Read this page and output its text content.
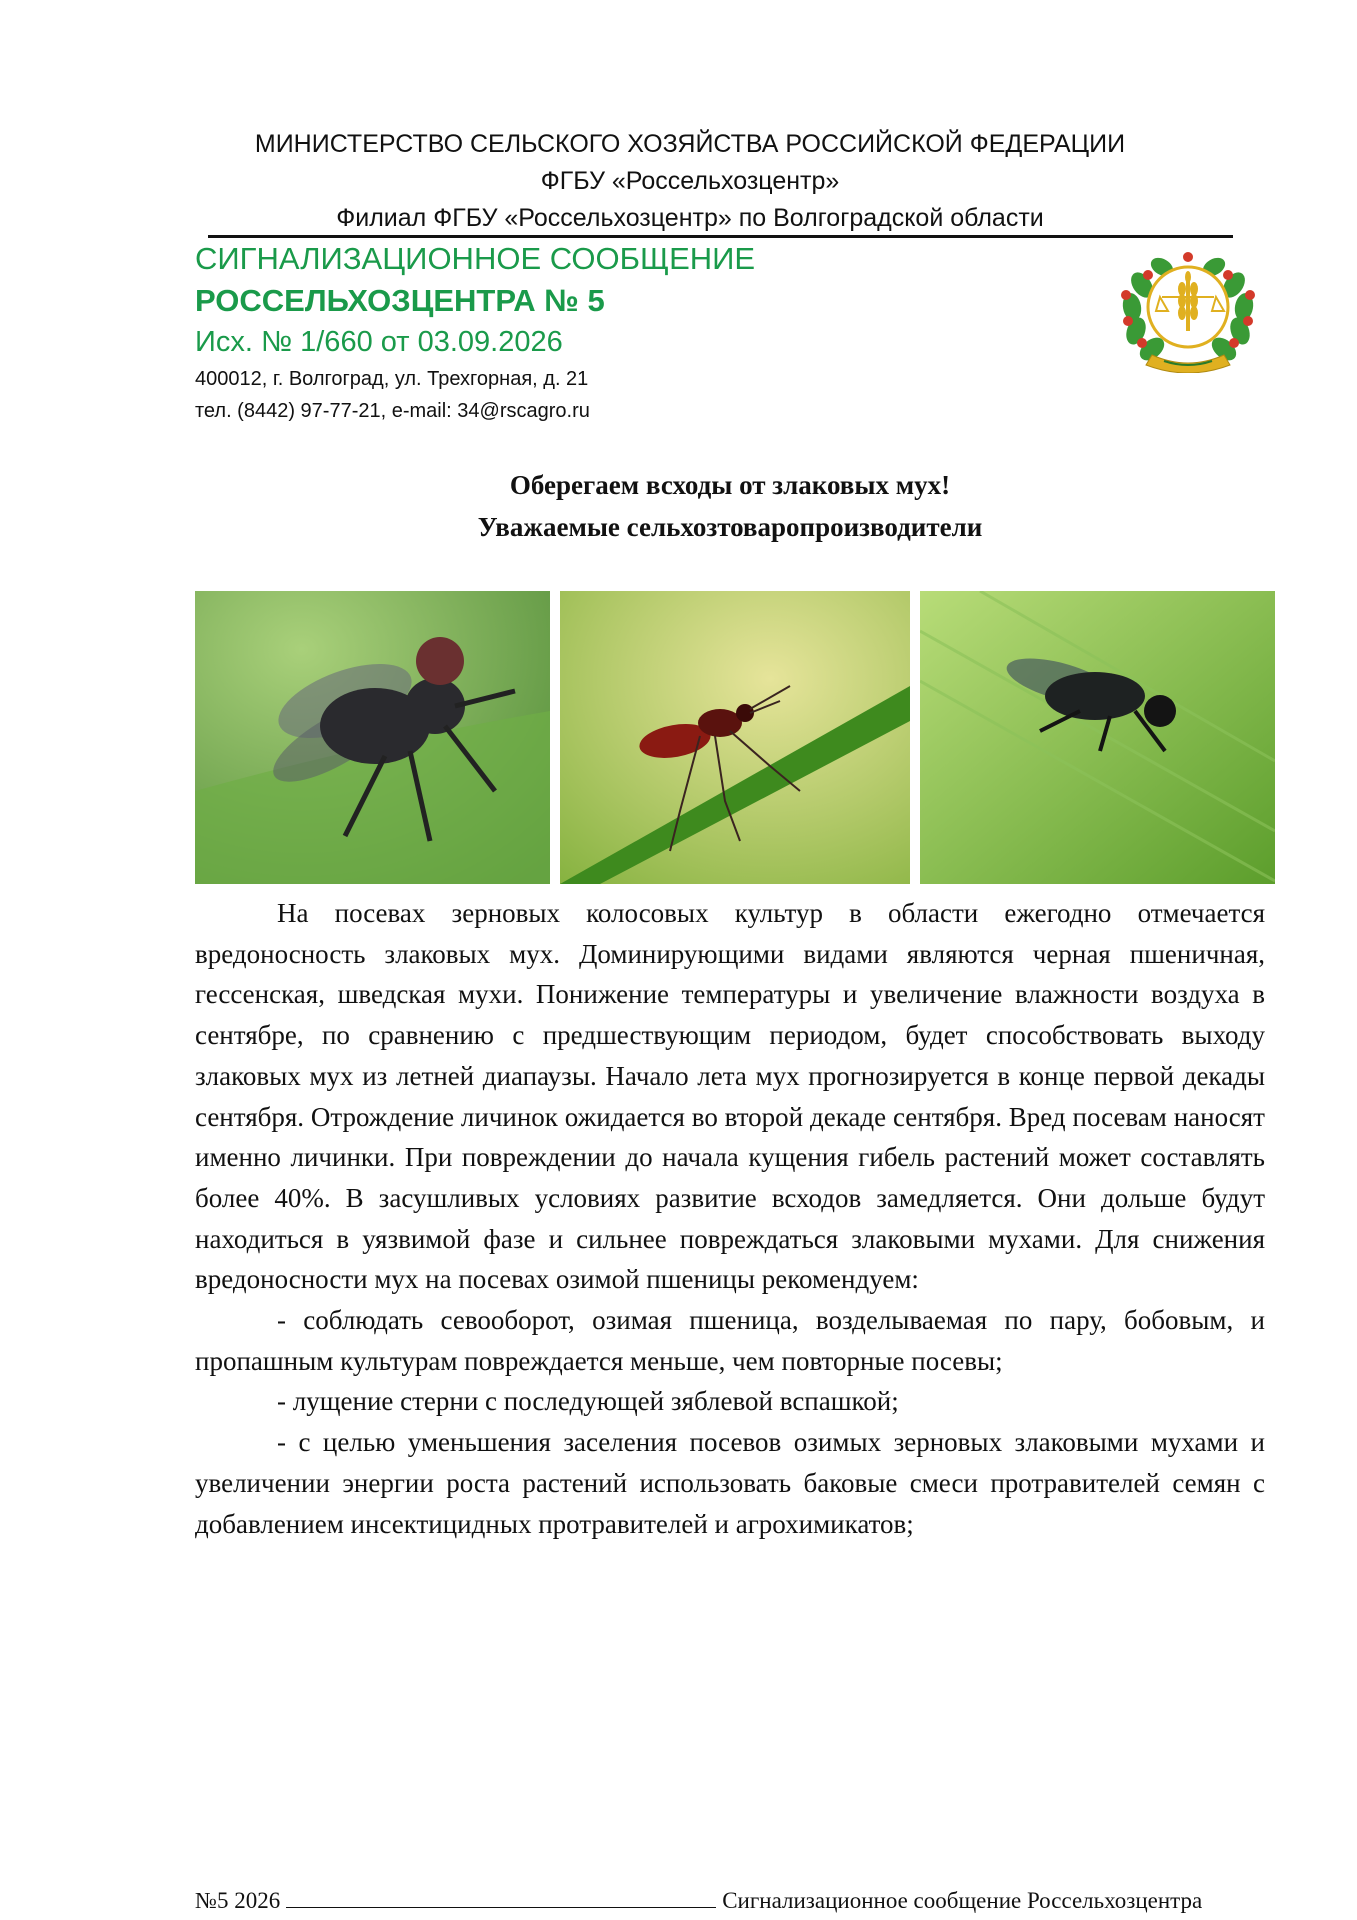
МИНИСТЕРСТВО СЕЛЬСКОГО ХОЗЯЙСТВА РОССИЙСКОЙ ФЕДЕРАЦИИ
ФГБУ «Россельхозцентр»
Филиал ФГБУ «Россельхозцентр» по Волгоградской области
СИГНАЛИЗАЦИОННОЕ СООБЩЕНИЕ
РОССЕЛЬХОЗЦЕНТРА № 5
Исх. № 1/660 от 03.09.2026
400012, г. Волгоград, ул. Трехгорная, д. 21
тел. (8442) 97-77-21, e-mail: 34@rscagro.ru
Оберегаем всходы от злаковых мух!
Уважаемые сельхозтоваропроизводители

На посевах зерновых колосовых культур в области ежегодно отмечается вредоносность злаковых мух. Доминирующими видами являются черная пшеничная, гессенская, шведская мухи. Понижение температуры и увеличение влажности воздуха в сентябре, по сравнению с предшествующим периодом, будет способствовать выходу злаковых мух из летней диапаузы. Начало лета мух прогнозируется в конце первой декады сентября. Отрождение личинок ожидается во второй декаде сентября. Вред посевам наносят именно личинки. При повреждении до начала кущения гибель растений может составлять более 40%. В засушливых условиях развитие всходов замедляется. Они дольше будут находиться в уязвимой фазе и сильнее повреждаться злаковыми мухами. Для снижения вредоносности мух на посевах озимой пшеницы рекомендуем:

- соблюдать севооборот, озимая пшеница, возделываемая по пару, бобовым, и пропашным культурам повреждается меньше, чем повторные посевы;

- лущение стерни с последующей зяблевой вспашкой;

- с целью уменьшения заселения посевов озимых зерновых злаковыми мухами и увеличении энергии роста растений использовать баковые смеси протравителей семян с добавлением инсектицидных протравителей и агрохимикатов;

№5 2026	Сигнализационное сообщение Россельхозцентра
